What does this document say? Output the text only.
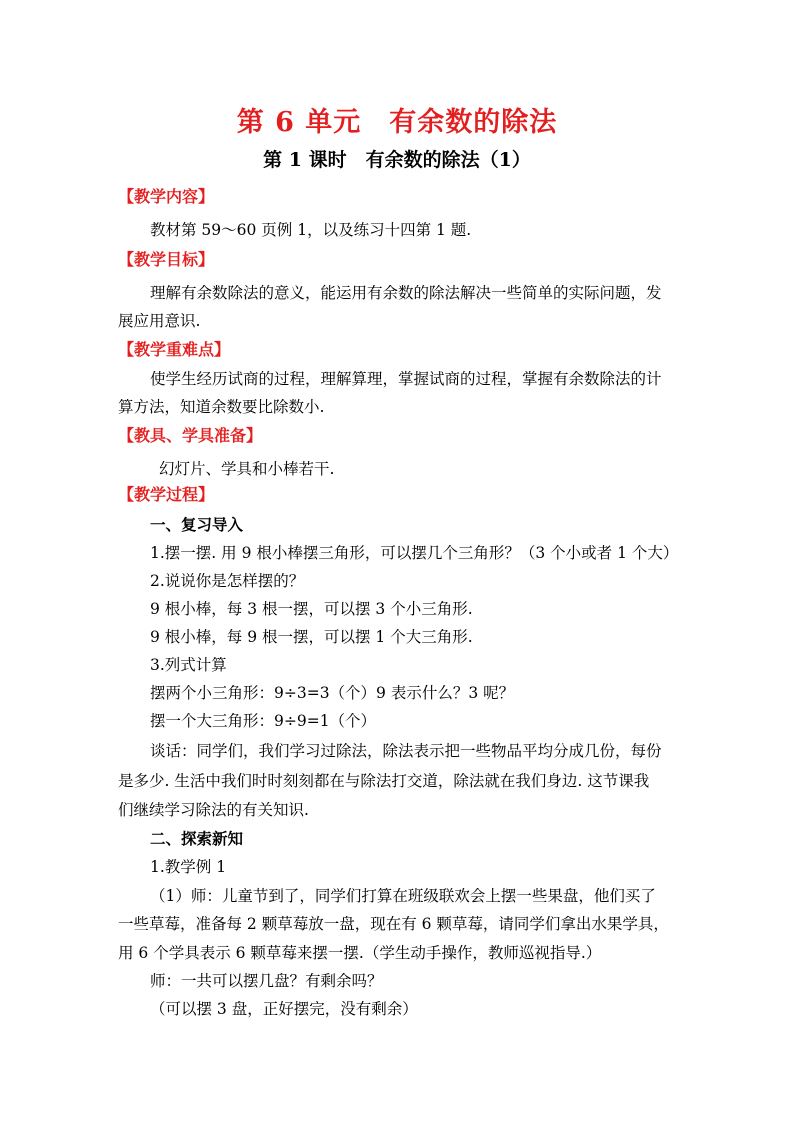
第 6 单元　有余数的除法
第 1 课时　有余数的除法（1）
【教学内容】
教材第 59～60 页例 1，以及练习十四第 1 题.
【教学目标】
理解有余数除法的意义，能运用有余数的除法解决一些简单的实际问题，发
展应用意识.
【教学重难点】
使学生经历试商的过程，理解算理，掌握试商的过程，掌握有余数除法的计
算方法，知道余数要比除数小.
【教具、学具准备】
幻灯片、学具和小棒若干.
【教学过程】
一、复习导入
1.摆一摆. 用 9 根小棒摆三角形，可以摆几个三角形？（3 个小或者 1 个大）
2.说说你是怎样摆的？
9 根小棒，每 3 根一摆，可以摆 3 个小三角形.
9 根小棒，每 9 根一摆，可以摆 1 个大三角形.
3.列式计算
摆两个小三角形：9÷3=3（个）9 表示什么？3 呢？
摆一个大三角形：9÷9=1（个）
谈话：同学们，我们学习过除法，除法表示把一些物品平均分成几份，每份
是多少. 生活中我们时时刻刻都在与除法打交道，除法就在我们身边. 这节课我
们继续学习除法的有关知识.
二、探索新知
1.教学例 1
（1）师：儿童节到了，同学们打算在班级联欢会上摆一些果盘，他们买了
一些草莓，准备每 2 颗草莓放一盘，现在有 6 颗草莓，请同学们拿出水果学具，
用 6 个学具表示 6 颗草莓来摆一摆.（学生动手操作，教师巡视指导.）
师：一共可以摆几盘？有剩余吗？
（可以摆 3 盘，正好摆完，没有剩余）
